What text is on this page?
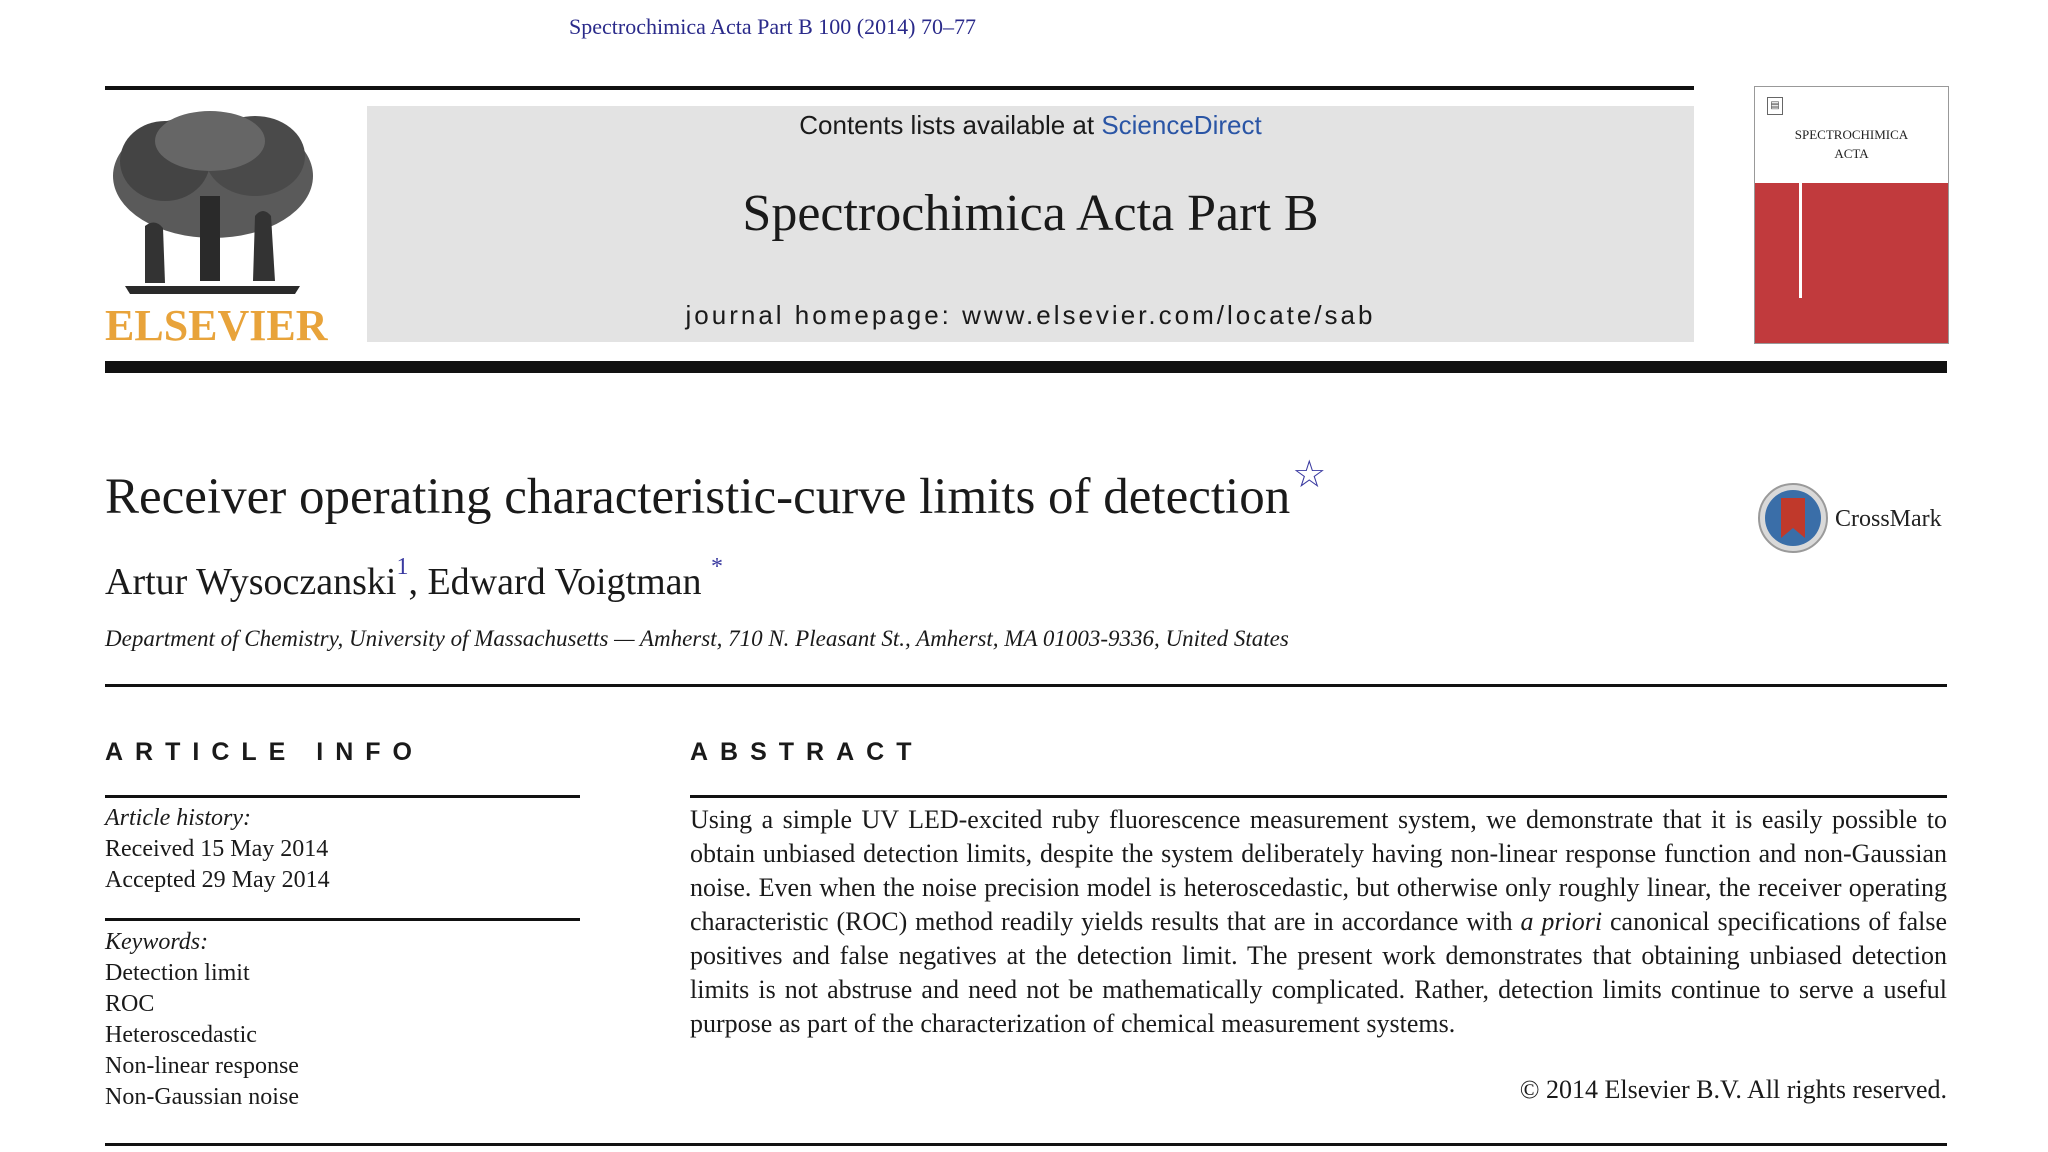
Spectrochimica Acta Part B 100 (2014) 70–77
ELSEVIER
Contents lists available at ScienceDirect
Spectrochimica Acta Part B
journal homepage: www.elsevier.com/locate/sab
▤
SPECTROCHIMICA
ACTA
Receiver operating characteristic-curve limits of detection☆
CrossMark
Artur Wysoczanski$^1$, Edward Voigtman *
Department of Chemistry, University of Massachusetts — Amherst, 710 N. Pleasant St., Amherst, MA 01003-9336, United States
ARTICLE INFO	ABSTRACT
Article history:
Received 15 May 2014
Accepted 29 May 2014
Keywords:
Detection limit
ROC
Heteroscedastic
Non-linear response
Non-Gaussian noise
Using a simple UV LED-excited ruby fluorescence measurement system, we demonstrate that it is easily possible to obtain unbiased detection limits, despite the system deliberately having non-linear response function and non-Gaussian noise. Even when the noise precision model is heteroscedastic, but otherwise only roughly linear, the receiver operating characteristic (ROC) method readily yields results that are in accordance with a priori canonical specifications of false positives and false negatives at the detection limit. The present work demonstrates that obtaining unbiased detection limits is not abstruse and need not be mathematically complicated. Rather, detection limits continue to serve a useful purpose as part of the characterization of chemical measurement systems.
© 2014 Elsevier B.V. All rights reserved.
